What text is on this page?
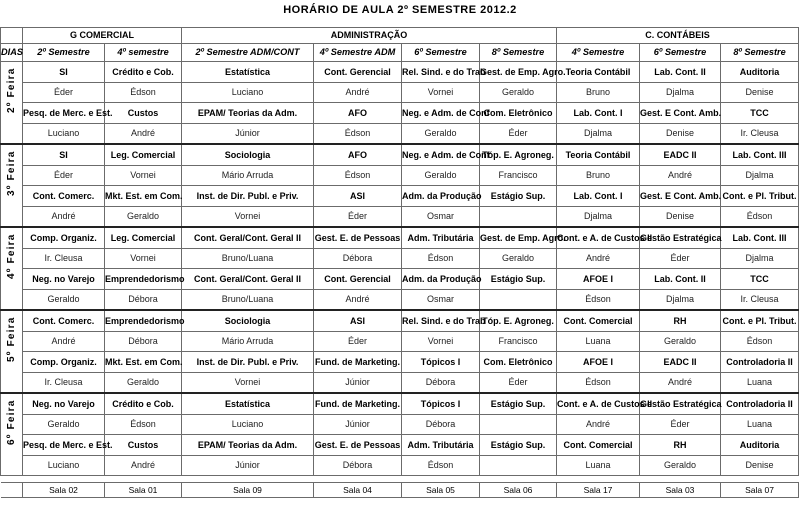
HORÁRIO DE AULA 2º SEMESTRE 2012.2
	G COMERCIAL		ADMINISTRAÇÃO				C. CONTÁBEIS		
DIAS	2º Semestre	4º semestre	2º Semestre ADM/CONT	4º Semestre ADM	6º Semestre	8º Semestre	4º Semestre	6º Semestre	8º Semestre

2º Feira	SI	Crédito e Cob.	Estatística	Cont. Gerencial	Rel. Sind. e do Trab	Gest. de Emp. Agro.	Teoria Contábil	Lab. Cont. II	Auditoria
	Éder	Édson	Luciano	André	Vornei	Geraldo	Bruno	Djalma	Denise
	Pesq. de Merc. e Est.	Custos	EPAM/ Teorias da Adm.	AFO	Neg. e Adm. de Conf	Com. Eletrônico	Lab. Cont. I	Gest. E Cont. Amb.	TCC
	Luciano	André	Júnior	Édson	Geraldo	Éder	Djalma	Denise	Ir. Cleusa

3º Feira	SI	Leg. Comercial	Sociologia	AFO	Neg. e Adm. de Conf	Tóp. E. Agroneg.	Teoria Contábil	EADC II	Lab. Cont. III
	Éder	Vornei	Mário Arruda	Édson	Geraldo	Francisco	Bruno	André	Djalma
	Cont. Comerc.	Mkt. Est. em Com.	Inst. de Dir. Publ. e Priv.	ASI	Adm. da Produção	Estágio Sup.	Lab. Cont. I	Gest. E Cont. Amb.	Cont. e Pl. Tribut.
	André	Geraldo	Vornei	Éder	Osmar		Djalma	Denise	Édson

4º Feira	Comp. Organiz.	Leg. Comercial	Cont. Geral/Cont. Geral II	Gest. E. de Pessoas	Adm. Tributária	Gest. de Emp. Agro.	Cont. e A. de Custos II	Gestão Estratégica	Lab. Cont. III
	Ir. Cleusa	Vornei	Bruno/Luana	Débora	Édson	Geraldo	André	Éder	Djalma
	Neg. no Varejo	Emprendedorismo	Cont. Geral/Cont. Geral II	Cont. Gerencial	Adm. da Produção	Estágio Sup.	AFOE I	Lab. Cont. II	TCC
	Geraldo	Débora	Bruno/Luana	André	Osmar		Édson	Djalma	Ir. Cleusa

5º Feira	Cont. Comerc.	Emprendedorismo	Sociologia	ASI	Rel. Sind. e do Trab	Tóp. E. Agroneg.	Cont. Comercial	RH	Cont. e Pl. Tribut.
	André	Débora	Mário Arruda	Éder	Vornei	Francisco	Luana	Geraldo	Édson
	Comp. Organiz.	Mkt. Est. em Com.	Inst. de Dir. Publ. e Priv.	Fund. de Marketing.	Tópicos I	Com. Eletrônico	AFOE I	EADC II	Controladoria II
	Ir. Cleusa	Geraldo	Vornei	Júnior	Débora	Éder	Édson	André	Luana

6º Feira	Neg. no Varejo	Crédito e Cob.	Estatística	Fund. de Marketing.	Tópicos I	Estágio Sup.	Cont. e A. de Custos II	Gestão Estratégica	Controladoria II
	Geraldo	Édson	Luciano	Júnior	Débora		André	Éder	Luana
	Pesq. de Merc. e Est.	Custos	EPAM/ Teorias da Adm.	Gest. E. de Pessoas	Adm. Tributária	Estágio Sup.	Cont. Comercial	RH	Auditoria
	Luciano	André	Júnior	Débora	Édson		Luana	Geraldo	Denise

	Sala 02	Sala 01	Sala 09	Sala 04	Sala 05	Sala 06	Sala 17	Sala 03	Sala 07
